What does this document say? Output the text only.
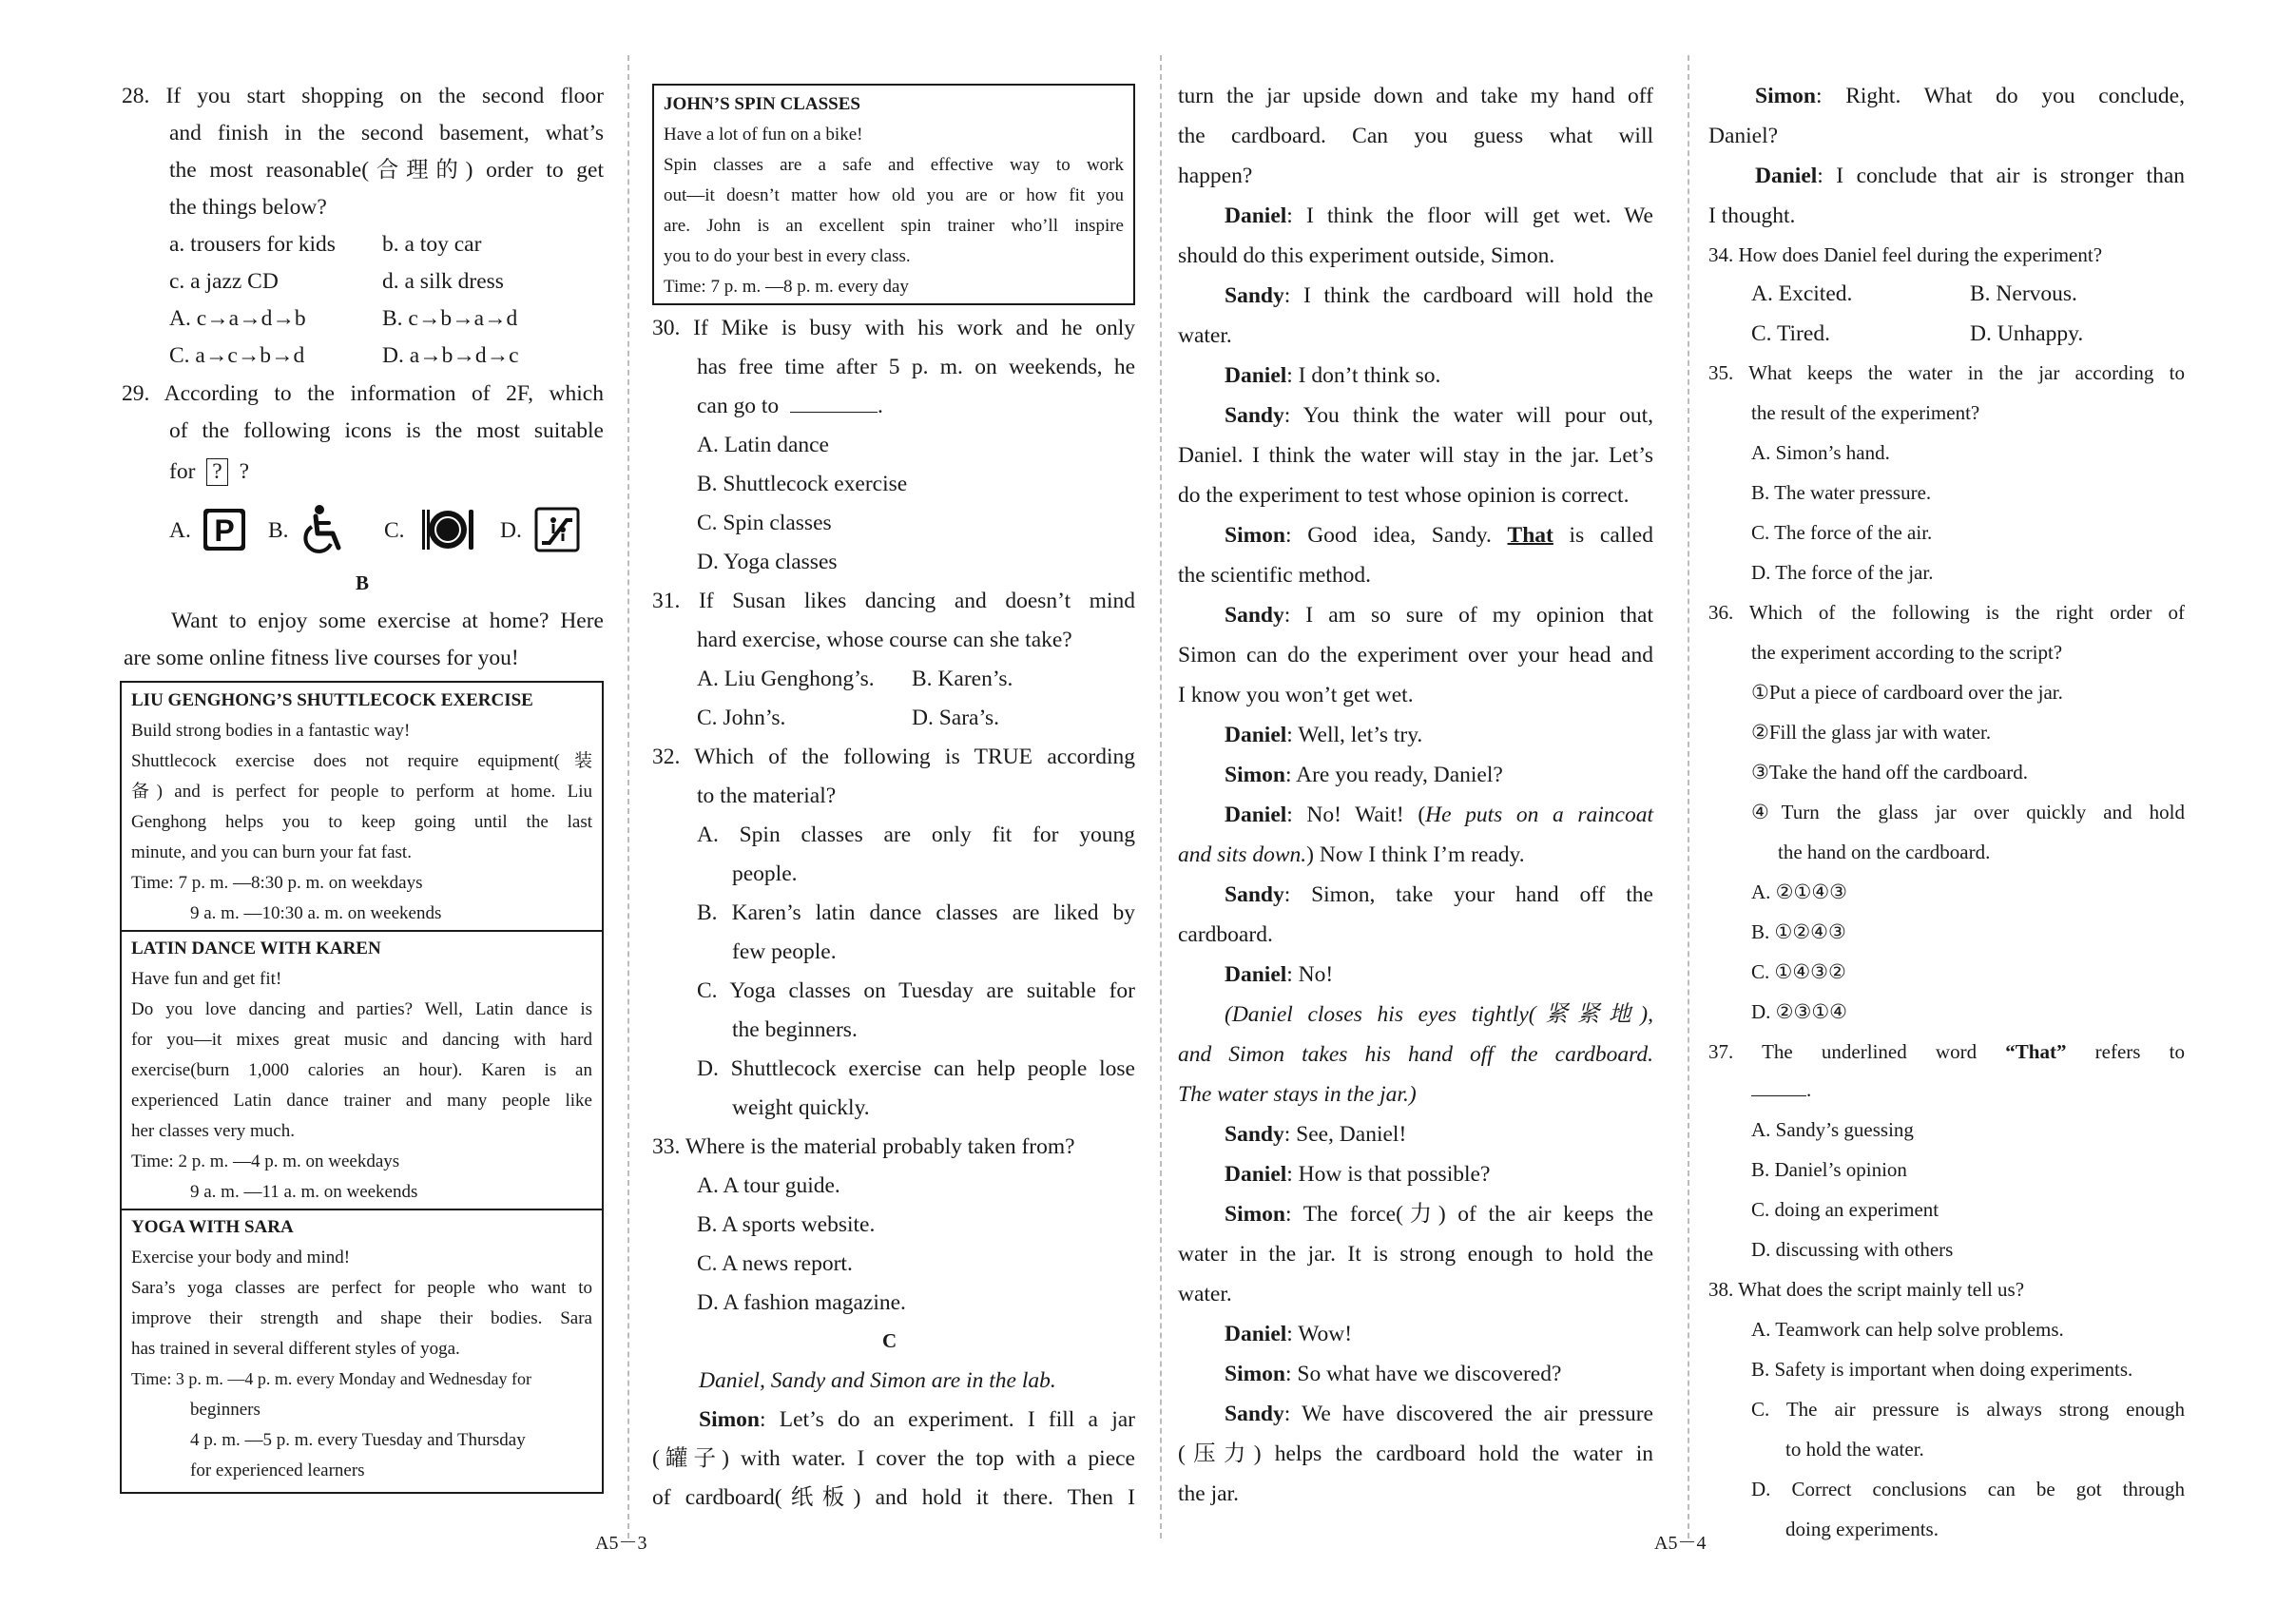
28. If you start shopping on the second floor
and finish in the second basement, what’s
the most reasonable(合理的) order to get
the things below?
a. trousers for kids	b. a toy car
c. a jazz CD	d. a silk dress
A. c→a→d→b	B. c→b→a→d
C. a→c→b→d	D. a→b→d→c
29. According to the information of 2F, which
of the following icons is the most suitable
for ? ?
A. P B.	C.	D.
B
Want to enjoy some exercise at home? Here
are some online fitness live courses for you!
LIU GENGHONG’S SHUTTLECOCK EXERCISE
Build strong bodies in a fantastic way!
Shuttlecock exercise does not require equipment(装
备) and is perfect for people to perform at home. Liu
Genghong helps you to keep going until the last
minute, and you can burn your fat fast.
Time: 7 p. m. —8:30 p. m. on weekdays
9 a. m. —10:30 a. m. on weekends
LATIN DANCE WITH KAREN
Have fun and get fit!
Do you love dancing and parties? Well, Latin dance is
for you—it mixes great music and dancing with hard
exercise(burn 1,000 calories an hour). Karen is an
experienced Latin dance trainer and many people like
her classes very much.
Time: 2 p. m. —4 p. m. on weekdays
9 a. m. —11 a. m. on weekends
YOGA WITH SARA
Exercise your body and mind!
Sara’s yoga classes are perfect for people who want to
improve their strength and shape their bodies. Sara
has trained in several different styles of yoga.
Time: 3 p. m. —4 p. m. every Monday and Wednesday for
beginners
4 p. m. —5 p. m. every Tuesday and Thursday
for experienced learners
JOHN’S SPIN CLASSES
Have a lot of fun on a bike!
Spin classes are a safe and effective way to work
out—it doesn’t matter how old you are or how fit you
are. John is an excellent spin trainer who’ll inspire
you to do your best in every class.
Time: 7 p. m. —8 p. m. every day
30. If Mike is busy with his work and he only
has free time after 5 p. m. on weekends, he
can go to	.
A. Latin dance
B. Shuttlecock exercise
C. Spin classes
D. Yoga classes
31. If Susan likes dancing and doesn’t mind
hard exercise, whose course can she take?
A. Liu Genghong’s.	B. Karen’s.
C. John’s.	D. Sara’s.
32. Which of the following is TRUE according
to the material?
A. Spin classes are only fit for young
people.
B. Karen’s latin dance classes are liked by
few people.
C. Yoga classes on Tuesday are suitable for
the beginners.
D. Shuttlecock exercise can help people lose
weight quickly.
33. Where is the material probably taken from?
A. A tour guide.
B. A sports website.
C. A news report.
D. A fashion magazine.
C
Daniel, Sandy and Simon are in the lab.
Simon: Let’s do an experiment. I fill a jar
(罐子) with water. I cover the top with a piece
of cardboard(纸板) and hold it there. Then I
A5－3
turn the jar upside down and take my hand off
the cardboard. Can you guess what will
happen?
Daniel: I think the floor will get wet. We
should do this experiment outside, Simon.
Sandy: I think the cardboard will hold the
water.
Daniel: I don’t think so.
Sandy: You think the water will pour out,
Daniel. I think the water will stay in the jar. Let’s
do the experiment to test whose opinion is correct.
Simon: Good idea, Sandy. That is called
the scientific method.
Sandy: I am so sure of my opinion that
Simon can do the experiment over your head and
I know you won’t get wet.
Daniel: Well, let’s try.
Simon: Are you ready, Daniel?
Daniel: No! Wait! (He puts on a raincoat
and sits down.) Now I think I’m ready.
Sandy: Simon, take your hand off the
cardboard.
Daniel: No!
(Daniel closes his eyes tightly(紧紧地),
and Simon takes his hand off the cardboard.
The water stays in the jar.)
Sandy: See, Daniel!
Daniel: How is that possible?
Simon: The force(力) of the air keeps the
water in the jar. It is strong enough to hold the
water.
Daniel: Wow!
Simon: So what have we discovered?
Sandy: We have discovered the air pressure
(压力) helps the cardboard hold the water in
the jar.
Simon: Right. What do you conclude,
Daniel?
Daniel: I conclude that air is stronger than
I thought.
34. How does Daniel feel during the experiment?
A. Excited.	B. Nervous.
C. Tired.	D. Unhappy.
35. What keeps the water in the jar according to
the result of the experiment?
A. Simon’s hand.
B. The water pressure.
C. The force of the air.
D. The force of the jar.
36. Which of the following is the right order of
the experiment according to the script?
①Put a piece of cardboard over the jar.
②Fill the glass jar with water.
③Take the hand off the cardboard.
④Turn the glass jar over quickly and hold
the hand on the cardboard.
A. ②①④③
B. ①②④③
C. ①④③②
D. ②③①④
37. The underlined word “That” refers to
.
A. Sandy’s guessing
B. Daniel’s opinion
C. doing an experiment
D. discussing with others
38. What does the script mainly tell us?
A. Teamwork can help solve problems.
B. Safety is important when doing experiments.
C. The air pressure is always strong enough
to hold the water.
D. Correct conclusions can be got through
doing experiments.
A5－4
